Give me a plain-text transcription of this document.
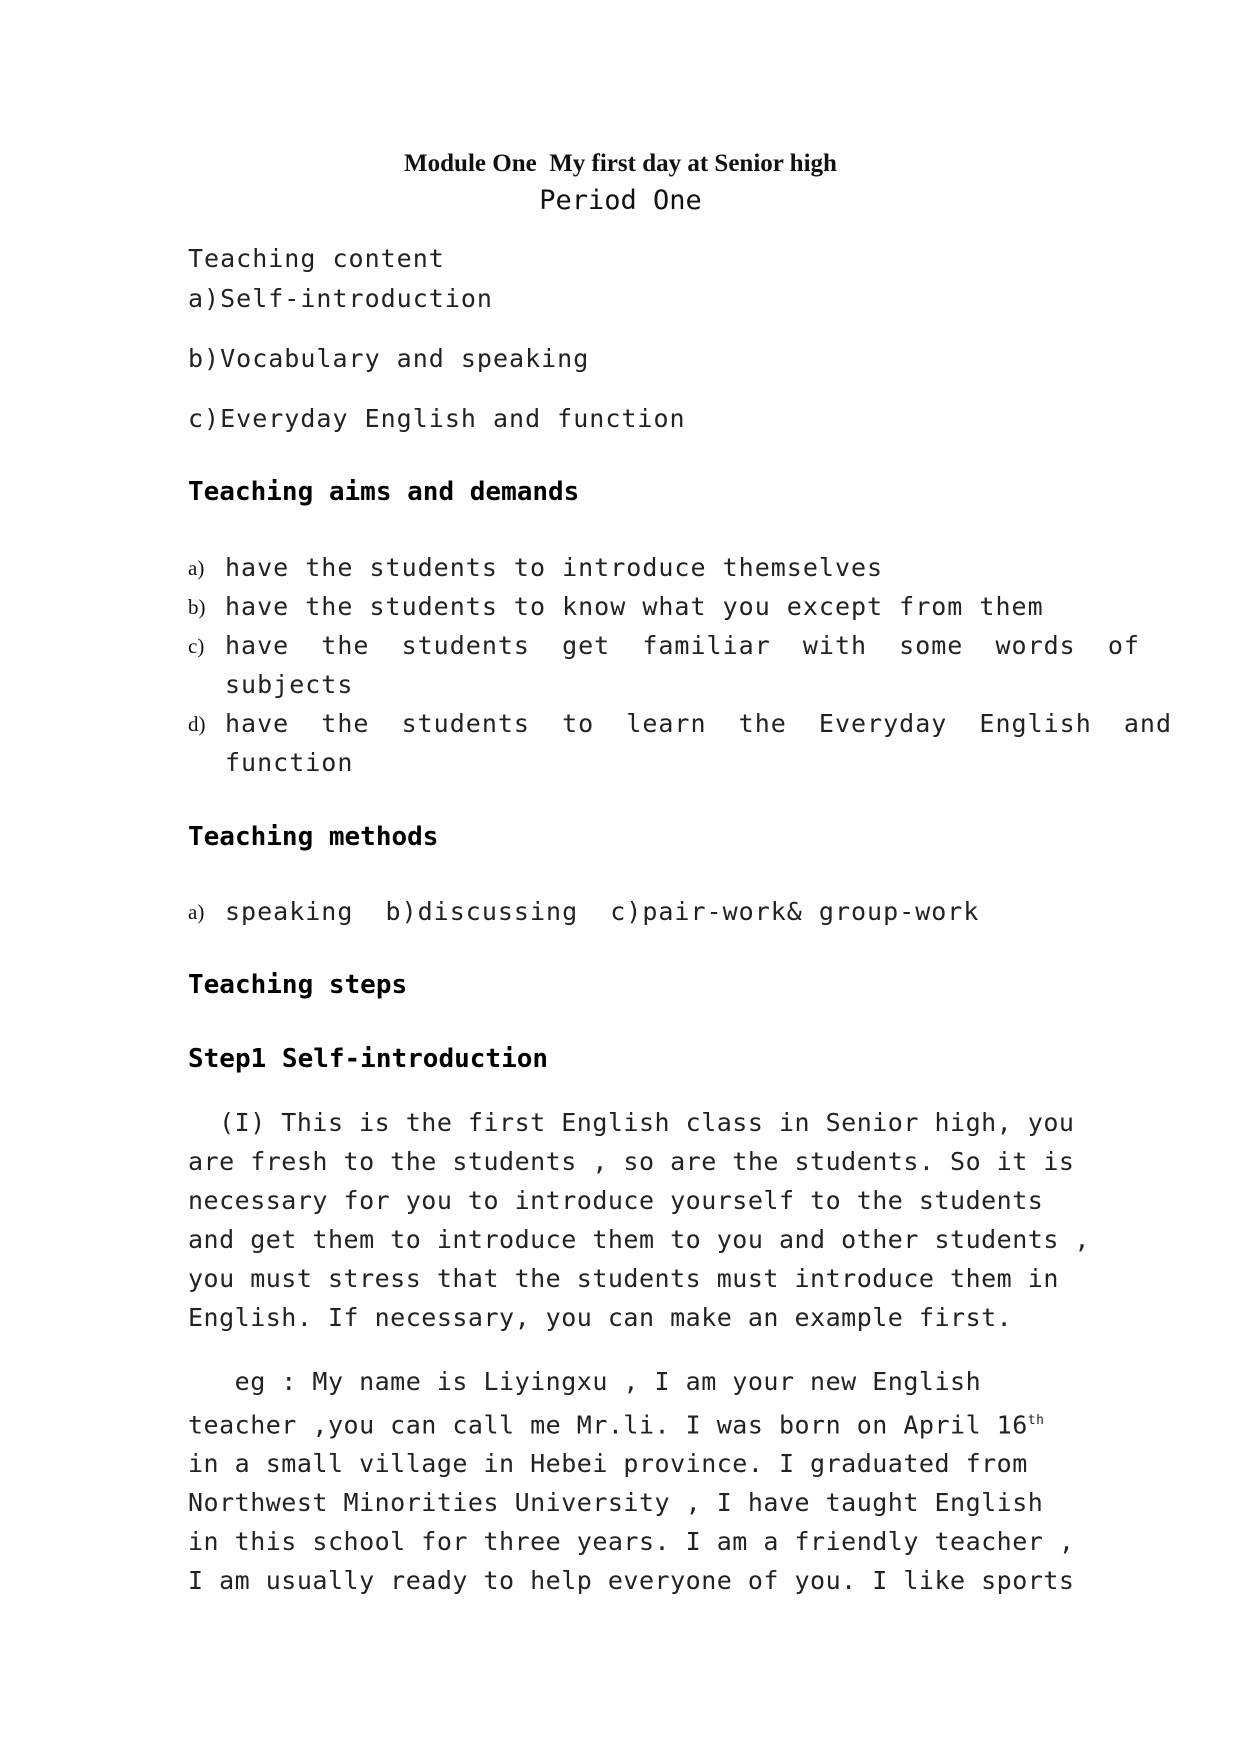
Module One  My first day at Senior high
Period One
Teaching content
a)Self-introduction
b)Vocabulary and speaking
c)Everyday English and function
Teaching aims and demands
a) have the students to introduce themselves
b) have the students to know what you except from them
c) have  the  students  get  familiar  with  some  words  of
subjects
d) have  the  students  to  learn  the  Everyday  English  and
function
Teaching methods
a) speaking  b)discussing  c)pair-work& group-work
Teaching steps
Step1 Self-introduction
(I) This is the first English class in Senior high, you
are fresh to the students , so are the students. So it is
necessary for you to introduce yourself to the students
and get them to introduce them to you and other students ,
you must stress that the students must introduce them in
English. If necessary, you can make an example first.
eg : My name is Liyingxu , I am your new English
teacher ,you can call me Mr.li. I was born on April 16th
in a small village in Hebei province. I graduated from
Northwest Minorities University , I have taught English
in this school for three years. I am a friendly teacher ,
I am usually ready to help everyone of you. I like sports
